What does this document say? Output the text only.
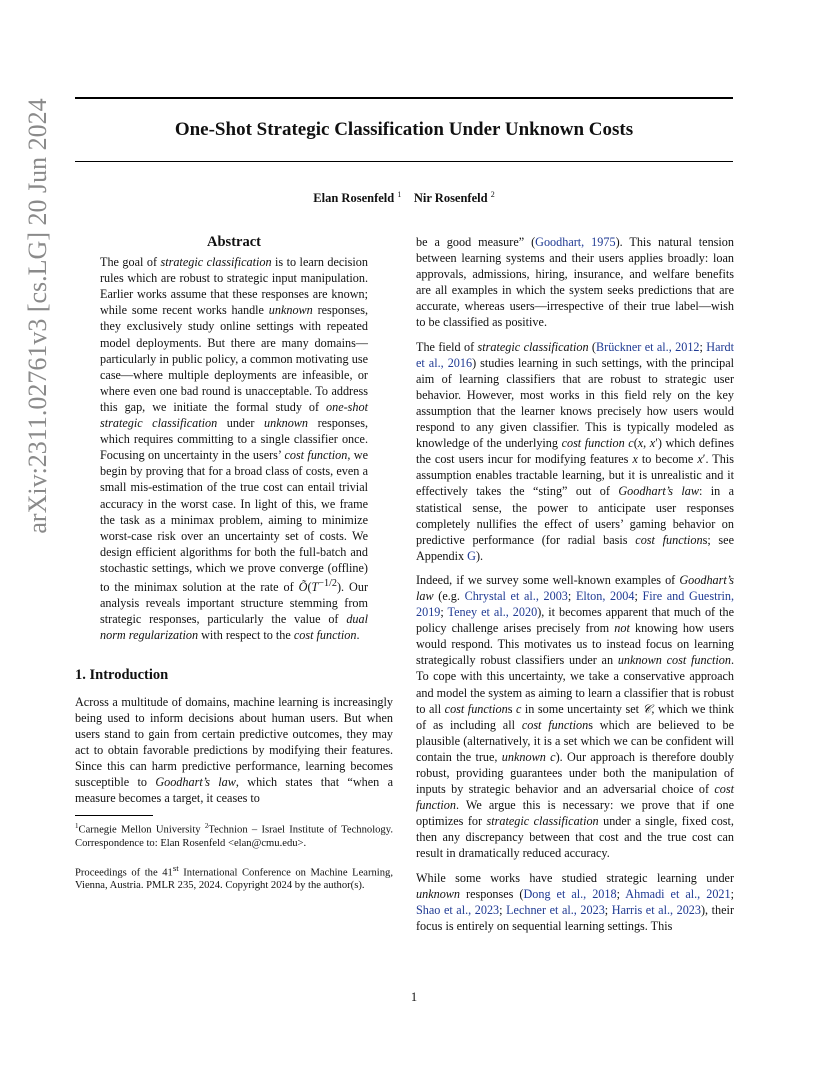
One-Shot Strategic Classification Under Unknown Costs
Elan Rosenfeld $^1$ Nir Rosenfeld $^2$
arXiv:2311.02761v3 [cs.LG] 20 Jun 2024	Abstract
The goal of strategic classification is to learn decision rules which are robust to strategic input manipulation. Earlier works assume that these responses are known; while some recent works handle unknown responses, they exclusively study online settings with repeated model deployments. But there are many domains—particularly in public policy, a common motivating use case—where multiple deployments are infeasible, or where even one bad round is unacceptable. To address this gap, we initiate the formal study of one-shot strategic classification under unknown responses, which requires committing to a single classifier once. Focusing on uncertainty in the users’ cost function, we begin by proving that for a broad class of costs, even a small mis-estimation of the true cost can entail trivial accuracy in the worst case. In light of this, we frame the task as a minimax problem, aiming to minimize worst-case risk over an uncertainty set of costs. We design efficient algorithms for both the full-batch and stochastic settings, which we prove converge (offline) to the minimax solution at the rate of $Õ(T^{-1/2})$. Our analysis reveals important structure stemming from strategic responses, particularly the value of dual norm regularization with respect to the cost function.
1. Introduction
Across a multitude of domains, machine learning is increasingly being used to inform decisions about human users. But when users stand to gain from certain predictive outcomes, they may act to obtain favorable predictions by modifying their features. Since this can harm predictive performance, learning becomes susceptible to Goodhart’s law, which states that “when a measure becomes a target, it ceases to
$^1$Carnegie Mellon University $^2$Technion – Israel Institute of Technology. Correspondence to: Elan Rosenfeld <elan@cmu.edu>.
Proceedings of the 41st International Conference on Machine Learning, Vienna, Austria. PMLR 235, 2024. Copyright 2024 by the author(s).
be a good measure” (Goodhart, 1975). This natural tension between learning systems and their users applies broadly: loan approvals, admissions, hiring, insurance, and welfare benefits are all examples in which the system seeks predictions that are accurate, whereas users—irrespective of their true label—wish to be classified as positive.
The field of strategic classification (Brückner et al., 2012; Hardt et al., 2016) studies learning in such settings, with the principal aim of learning classifiers that are robust to strategic user behavior. However, most works in this field rely on the key assumption that the learner knows precisely how users would respond to any given classifier. This is typically modeled as knowledge of the underlying cost function c(x, x′) which defines the cost users incur for modifying features x to become x′. This assumption enables tractable learning, but it is unrealistic and it effectively takes the “sting” out of Goodhart’s law: in a statistical sense, the power to anticipate user responses completely nullifies the effect of users’ gaming behavior on predictive performance (for radial basis cost functions; see Appendix G).
Indeed, if we survey some well-known examples of Goodhart’s law (e.g. Chrystal et al., 2003; Elton, 2004; Fire and Guestrin, 2019; Teney et al., 2020), it becomes apparent that much of the policy challenge arises precisely from not knowing how users would respond. This motivates us to instead focus on learning strategically robust classifiers under an unknown cost function. To cope with this uncertainty, we take a conservative approach and model the system as aiming to learn a classifier that is robust to all cost functions c in some uncertainty set 𝒞, which we think of as including all cost functions which are believed to be plausible (alternatively, it is a set which we can be confident will contain the true, unknown c). Our approach is therefore doubly robust, providing guarantees under both the manipulation of inputs by strategic behavior and an adversarial choice of cost function. We argue this is necessary: we prove that if one optimizes for strategic classification under a single, fixed cost, then any discrepancy between that cost and the true cost can result in dramatically reduced accuracy.
While some works have studied strategic learning under unknown responses (Dong et al., 2018; Ahmadi et al., 2021; Shao et al., 2023; Lechner et al., 2023; Harris et al., 2023), their focus is entirely on sequential learning settings. This
1
